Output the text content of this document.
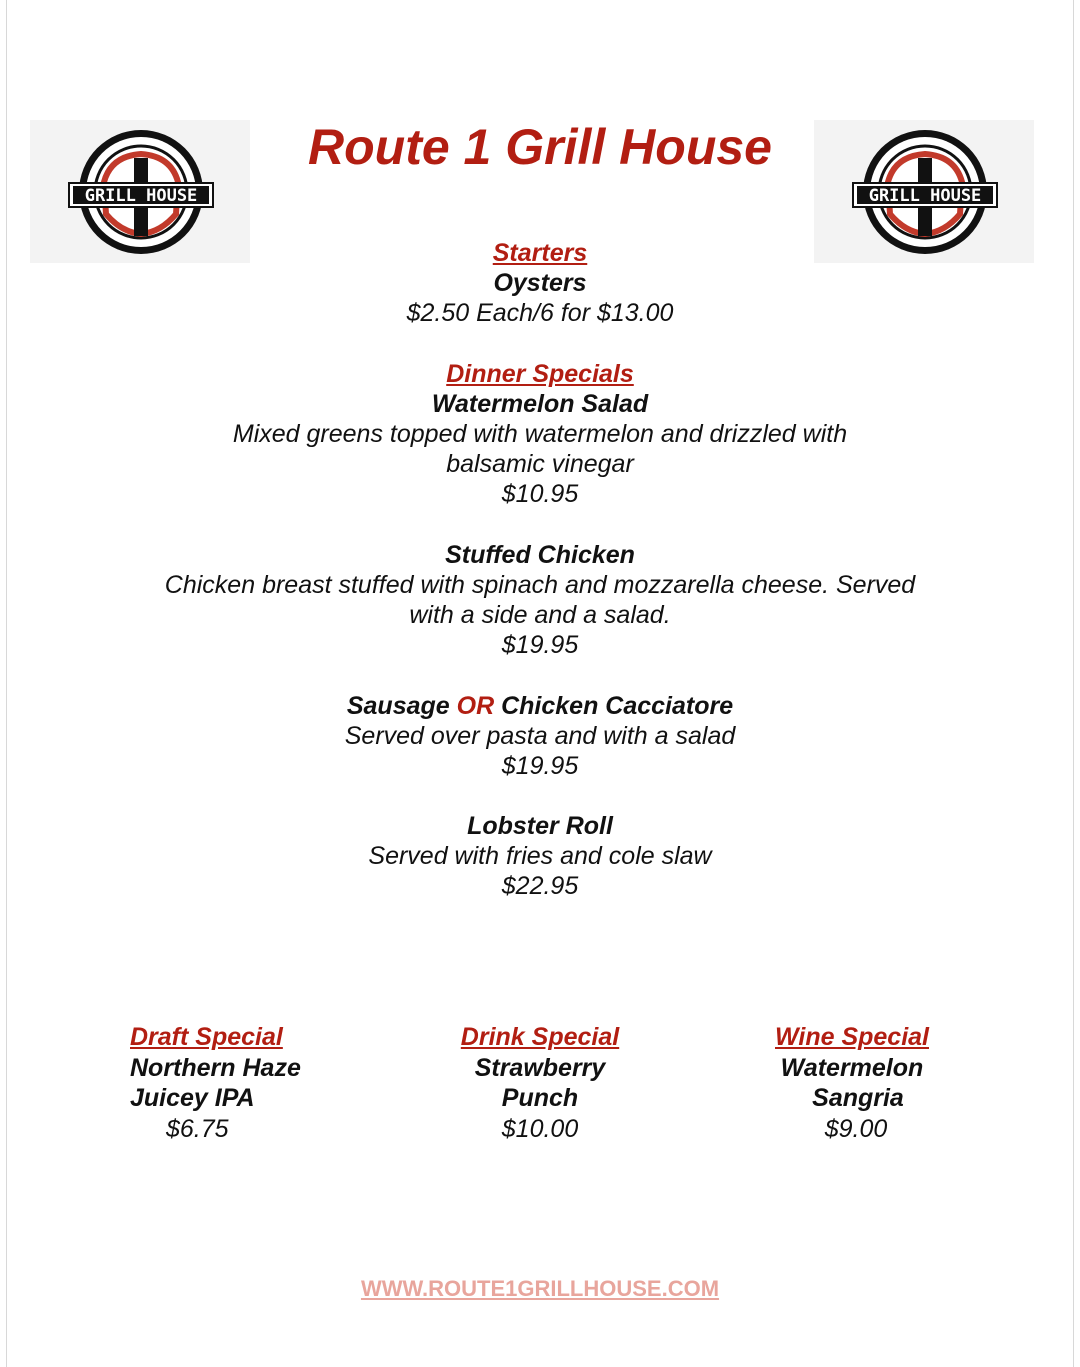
GRILL HOUSE	GRILL HOUSE
Route 1 Grill House
Starters
Oysters
$2.50 Each/6 for $13.00
Dinner Specials
Watermelon Salad
Mixed greens topped with watermelon and drizzled with
balsamic vinegar
$10.95
Stuffed Chicken
Chicken breast stuffed with spinach and mozzarella cheese. Served
with a side and a salad.
$19.95
Sausage OR Chicken Cacciatore
Served over pasta and with a salad
$19.95
Lobster Roll
Served with fries and cole slaw
$22.95
Draft Special
Northern Haze
Juicey IPA
$6.75
Drink Special
Strawberry
Punch
$10.00
Wine Special
Watermelon
Sangria
$9.00
WWW.ROUTE1GRILLHOUSE.COM
